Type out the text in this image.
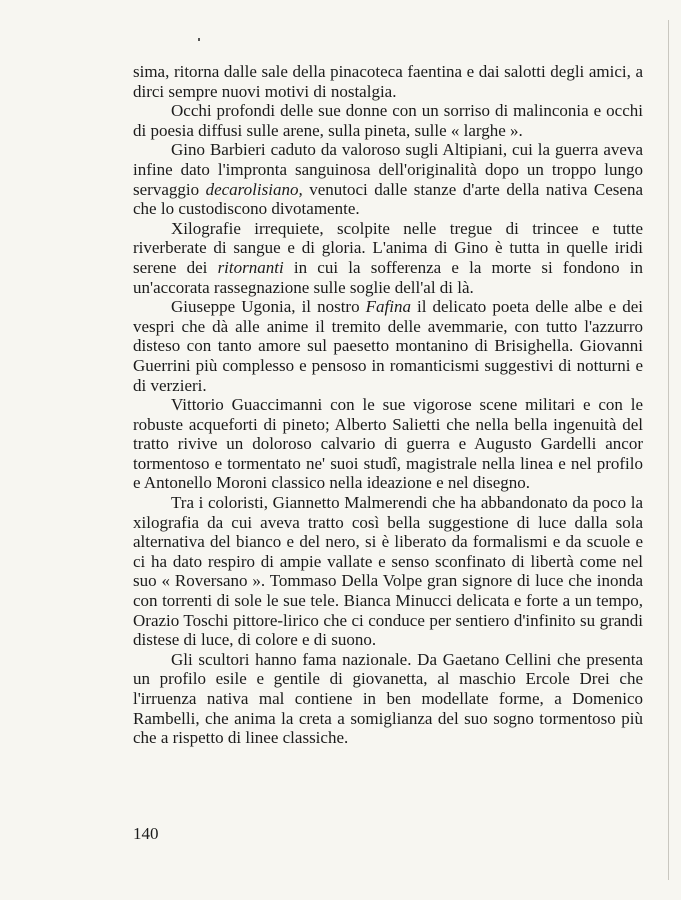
sima, ritorna dalle sale della pinacoteca faentina e dai salotti degli amici, a dirci sempre nuovi motivi di nostalgia.

Occhi profondi delle sue donne con un sorriso di malinconia e occhi di poesia diffusi sulle arene, sulla pineta, sulle « larghe ».

Gino Barbieri caduto da valoroso sugli Altipiani, cui la guerra aveva infine dato l'impronta sanguinosa dell'originalità dopo un troppo lungo servaggio decarolisiano, venutoci dalle stanze d'arte della nativa Cesena che lo custodiscono divotamente.

Xilografie irrequiete, scolpite nelle tregue di trincee e tutte riverberate di sangue e di gloria. L'anima di Gino è tutta in quelle iridi serene dei ritornanti in cui la sofferenza e la morte si fondono in un'accorata rassegnazione sulle soglie dell'al di là.

Giuseppe Ugonia, il nostro Fafina il delicato poeta delle albe e dei vespri che dà alle anime il tremito delle avemmarie, con tutto l'azzurro disteso con tanto amore sul paesetto montanino di Brisighella. Giovanni Guerrini più complesso e pensoso in romanticismi suggestivi di notturni e di verzieri.

Vittorio Guaccimanni con le sue vigorose scene militari e con le robuste acqueforti di pineto; Alberto Salietti che nella bella ingenuità del tratto rivive un doloroso calvario di guerra e Augusto Gardelli ancor tormentoso e tormentato ne' suoi studî, magistrale nella linea e nel profilo e Antonello Moroni classico nella ideazione e nel disegno.

Tra i coloristi, Giannetto Malmerendi che ha abbandonato da poco la xilografia da cui aveva tratto così bella suggestione di luce dalla sola alternativa del bianco e del nero, si è liberato da formalismi e da scuole e ci ha dato respiro di ampie vallate e senso sconfinato di libertà come nel suo « Roversano ». Tommaso Della Volpe gran signore di luce che inonda con torrenti di sole le sue tele. Bianca Minucci delicata e forte a un tempo, Orazio Toschi pittore-lirico che ci conduce per sentiero d'infinito su grandi distese di luce, di colore e di suono.

Gli scultori hanno fama nazionale. Da Gaetano Cellini che presenta un profilo esile e gentile di giovanetta, al maschio Ercole Drei che l'irruenza nativa mal contiene in ben modellate forme, a Domenico Rambelli, che anima la creta a somiglianza del suo sogno tormentoso più che a rispetto di linee classiche.

140
